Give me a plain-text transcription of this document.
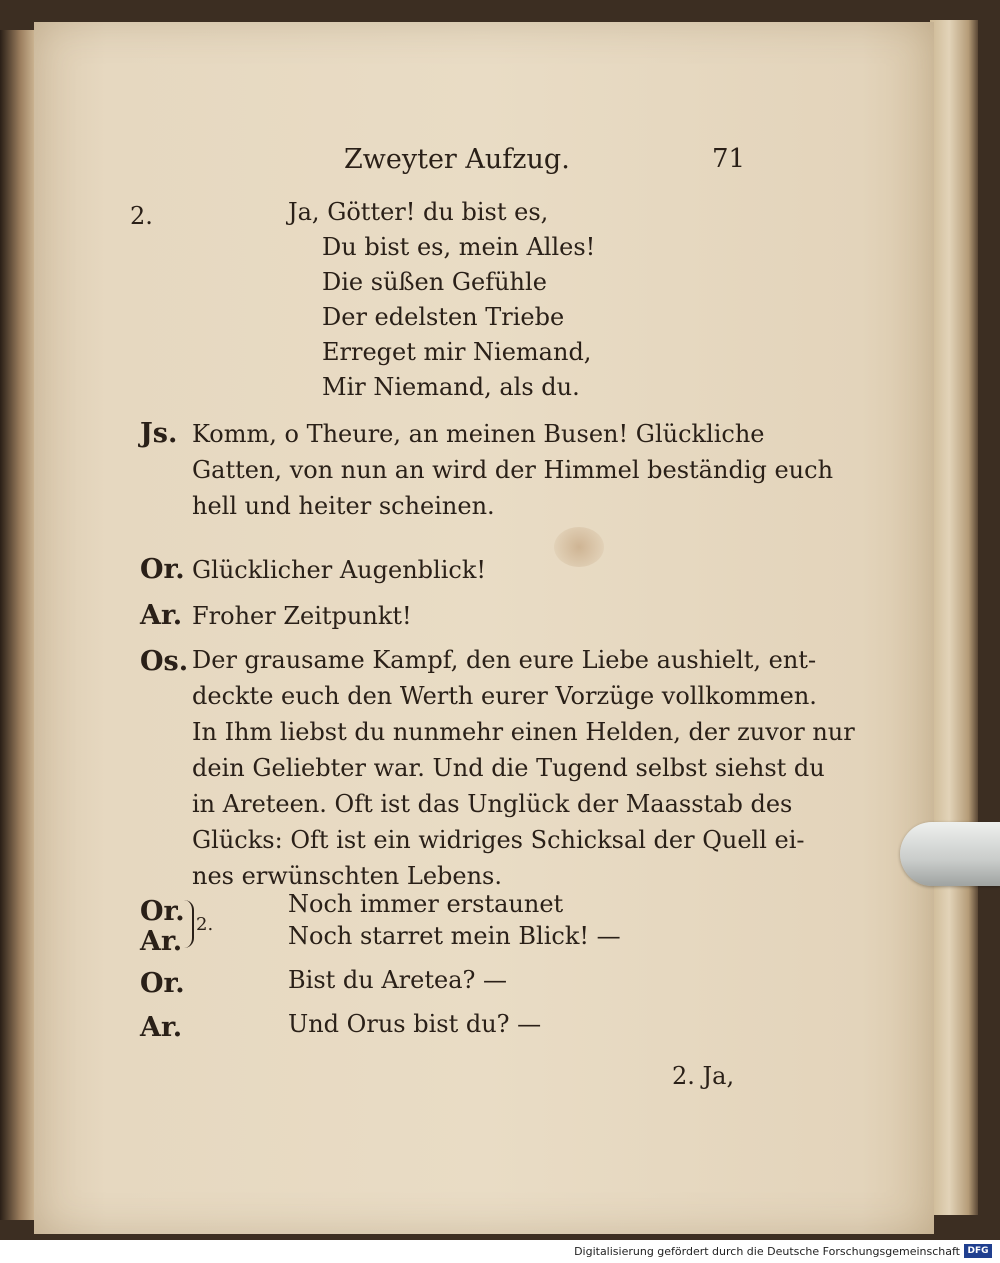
Zweyter Aufzug.	71
2.	Ja, Götter! du bist es,
Du bist es, mein Alles!
Die süßen Gefühle
Der edelsten Triebe
Erreget mir Niemand,
Mir Niemand, als du.
Js. Komm, o Theure, an meinen Busen! Glückliche
Gatten, von nun an wird der Himmel beständig euch
hell und heiter scheinen.
Or. Glücklicher Augenblick!
Ar. Froher Zeitpunkt!
Os. Der grausame Kampf, den eure Liebe aushielt, ent-
deckte euch den Werth eurer Vorzüge vollkommen.
In Ihm liebst du nunmehr einen Helden, der zuvor nur
dein Geliebter war. Und die Tugend selbst siehst du
in Areteen. Oft ist das Unglück der Maasstab des
Glücks: Oft ist ein widriges Schicksal der Quell ei-
nes erwünschten Lebens.
Or.
Ar.
2.
Noch immer erstaunet
Noch starret mein Blick! —
Or.	Bist du Aretea? —
Ar.	Und Orus bist du? —
2. Ja,
Digitalisierung gefördert durch die Deutsche Forschungsgemeinschaft DFG
